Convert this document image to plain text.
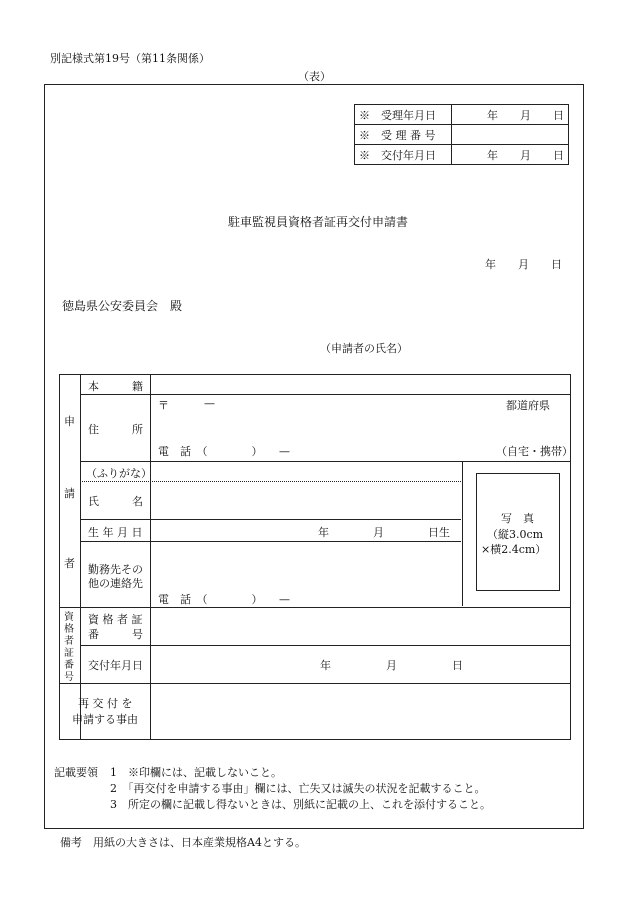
別記様式第19号（第11条関係）
（表）
※　 受理年月日	年　　月　　日
※　 受 理 番 号	
※　 交付年月日	年　　月　　日
駐車監視員資格者証再交付申請書
年　　月　　日
徳島県公安委員会　殿
（申請者の氏名）
申
請
者
資
格
者
証
番
号
本　　　籍
住　　　所
〒	—	都道府県
電　話　（　　　　）　　—	（自宅・携帯）
（ふりがな）
氏　　　名
生 年 月 日	年　　　　月　　　　日生
勤務先その
他の連絡先
電　話　（　　　　）　　—
写　真
（縦3.0cm
×横2.4cm）
資 格 者 証
番　　　号
交付年月日	年　　　　　月　　　　　日
再 交 付 を
申請する事由
記載要領 1　※印欄には、記載しないこと。
2　「再交付を申請する事由」欄には、亡失又は滅失の状況を記載すること。
3　所定の欄に記載し得ないときは、別紙に記載の上、これを添付すること。
備考　用紙の大きさは、日本産業規格A4とする。
